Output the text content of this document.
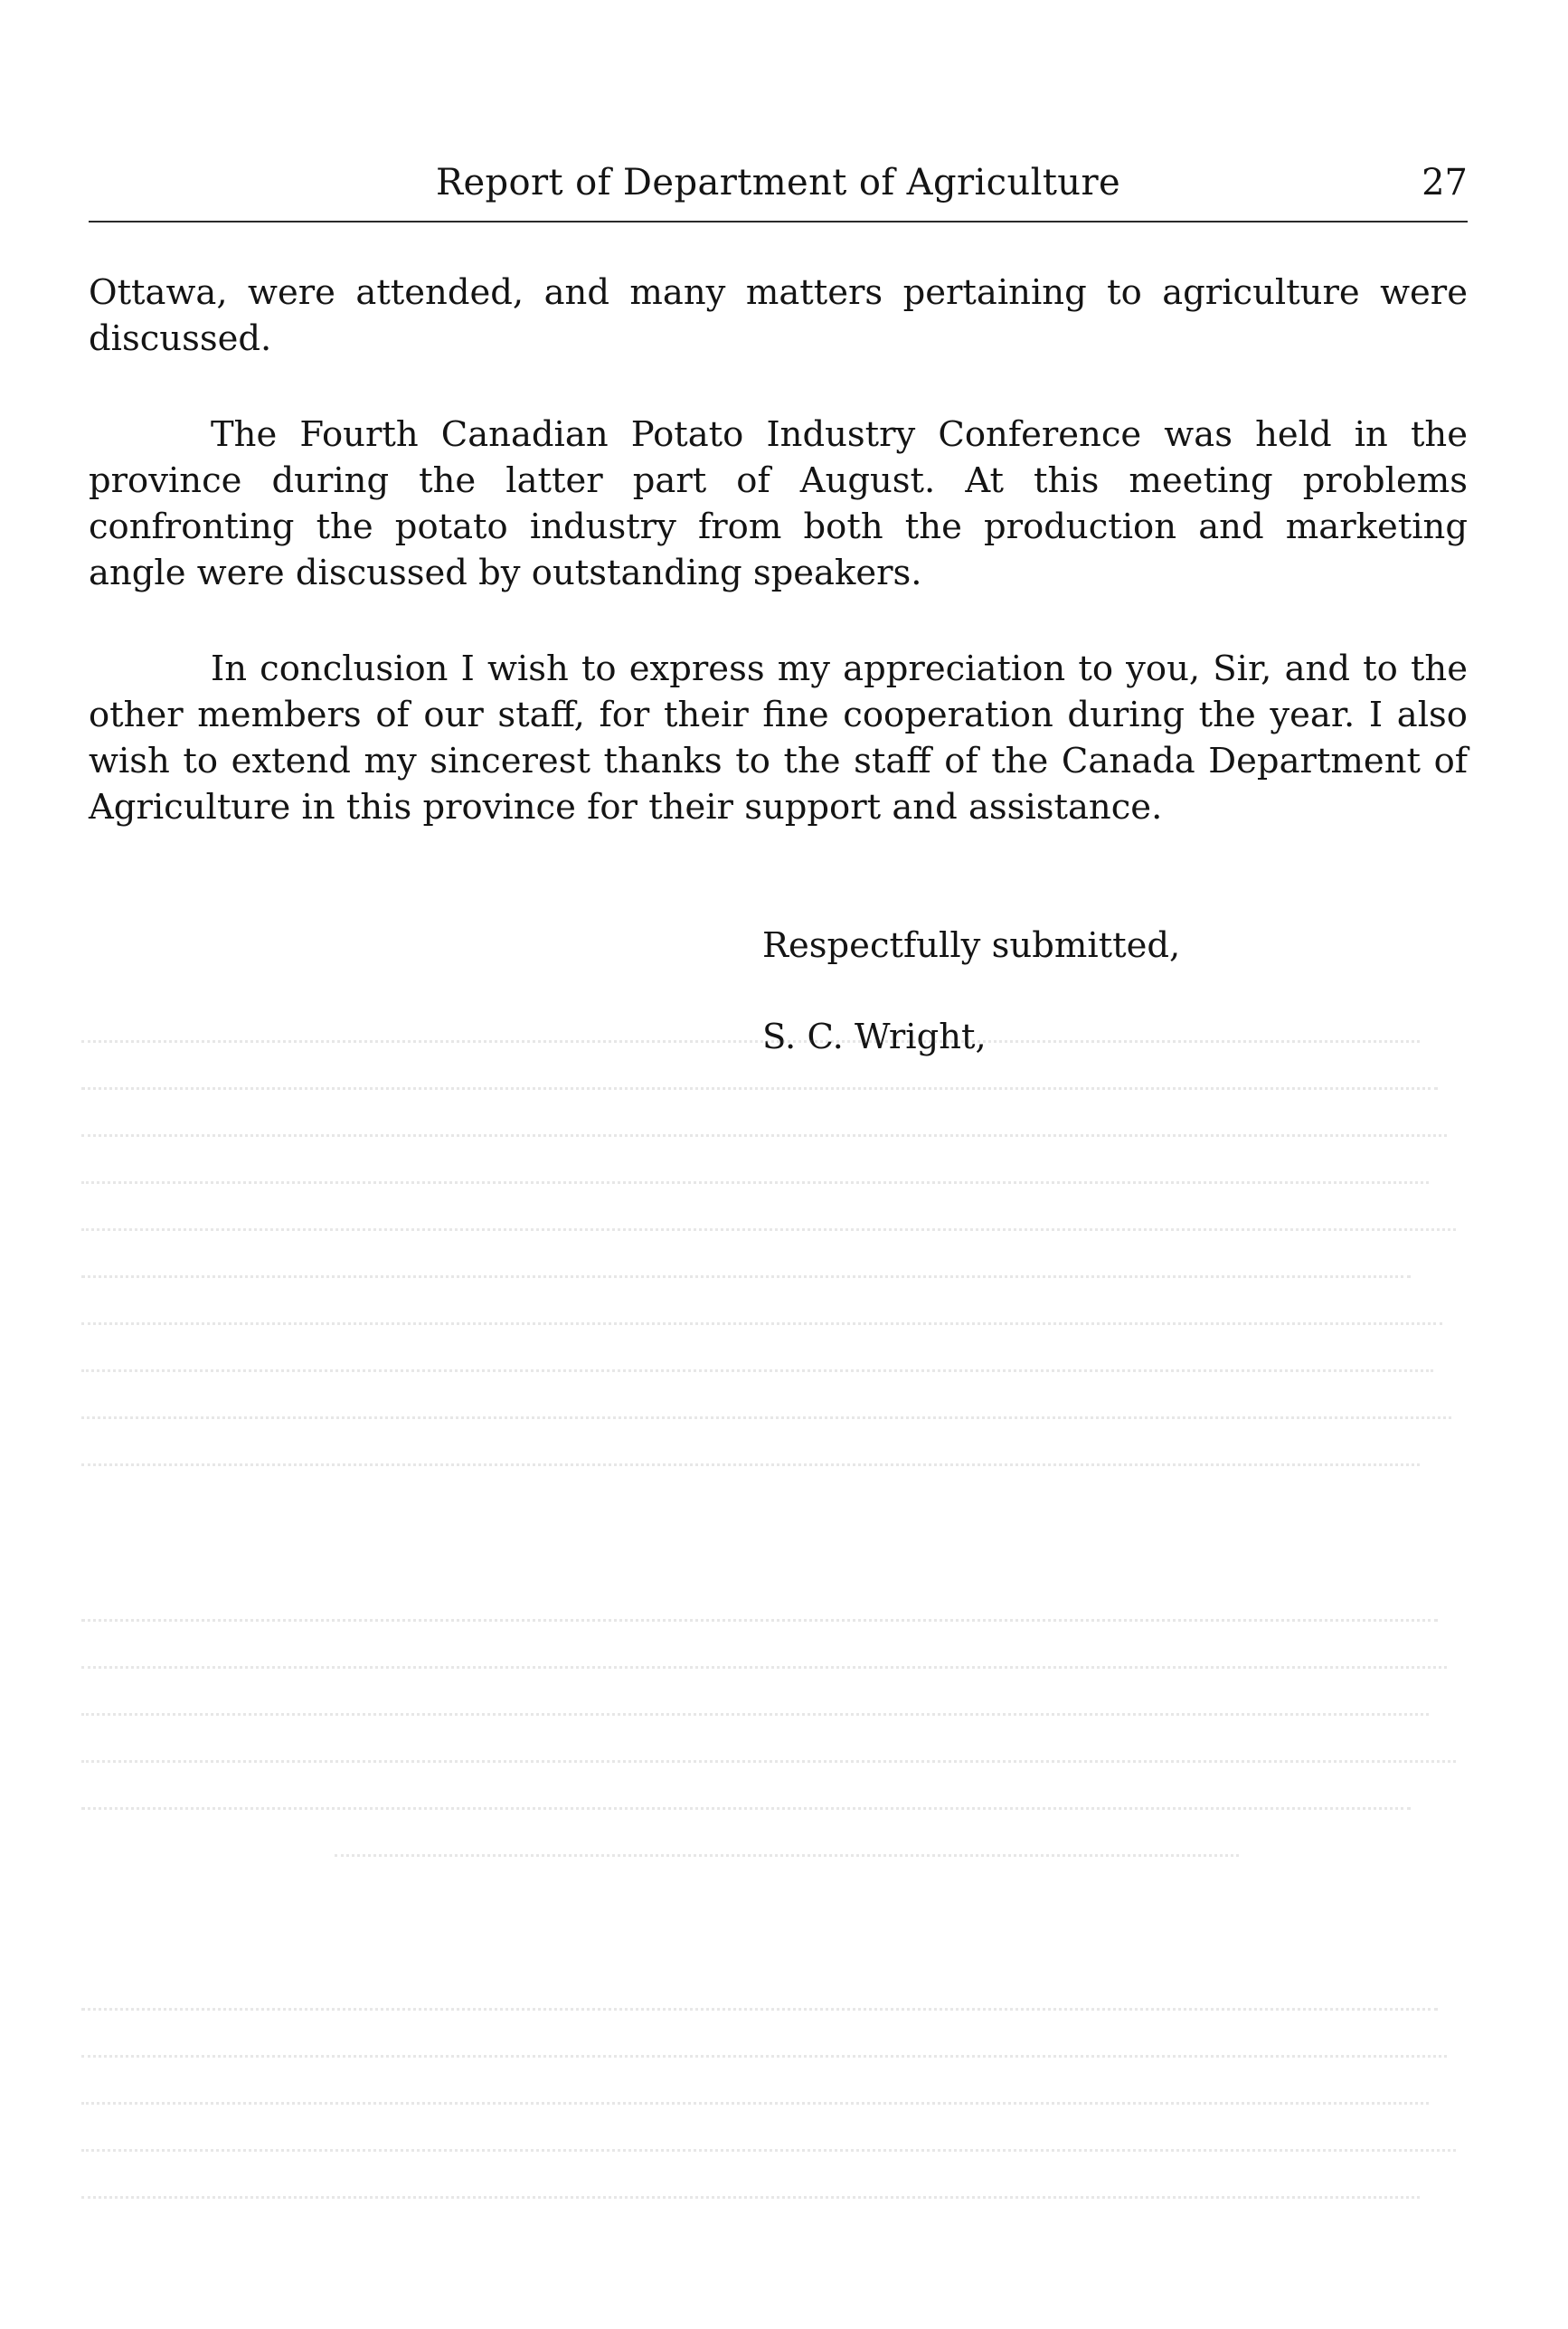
Report of Department of Agriculture	27

Ottawa, were attended, and many matters pertaining to agriculture were discussed.

The Fourth Canadian Potato Industry Conference was held in the province during the latter part of August. At this meeting problems confronting the potato industry from both the production and marketing angle were discussed by outstanding speakers.

In conclusion I wish to express my appreciation to you, Sir, and to the other members of our staff, for their fine cooperation during the year. I also wish to extend my sincerest thanks to the staff of the Canada Department of Agriculture in this province for their support and assistance.

Respectfully submitted,
S. C. Wright,
